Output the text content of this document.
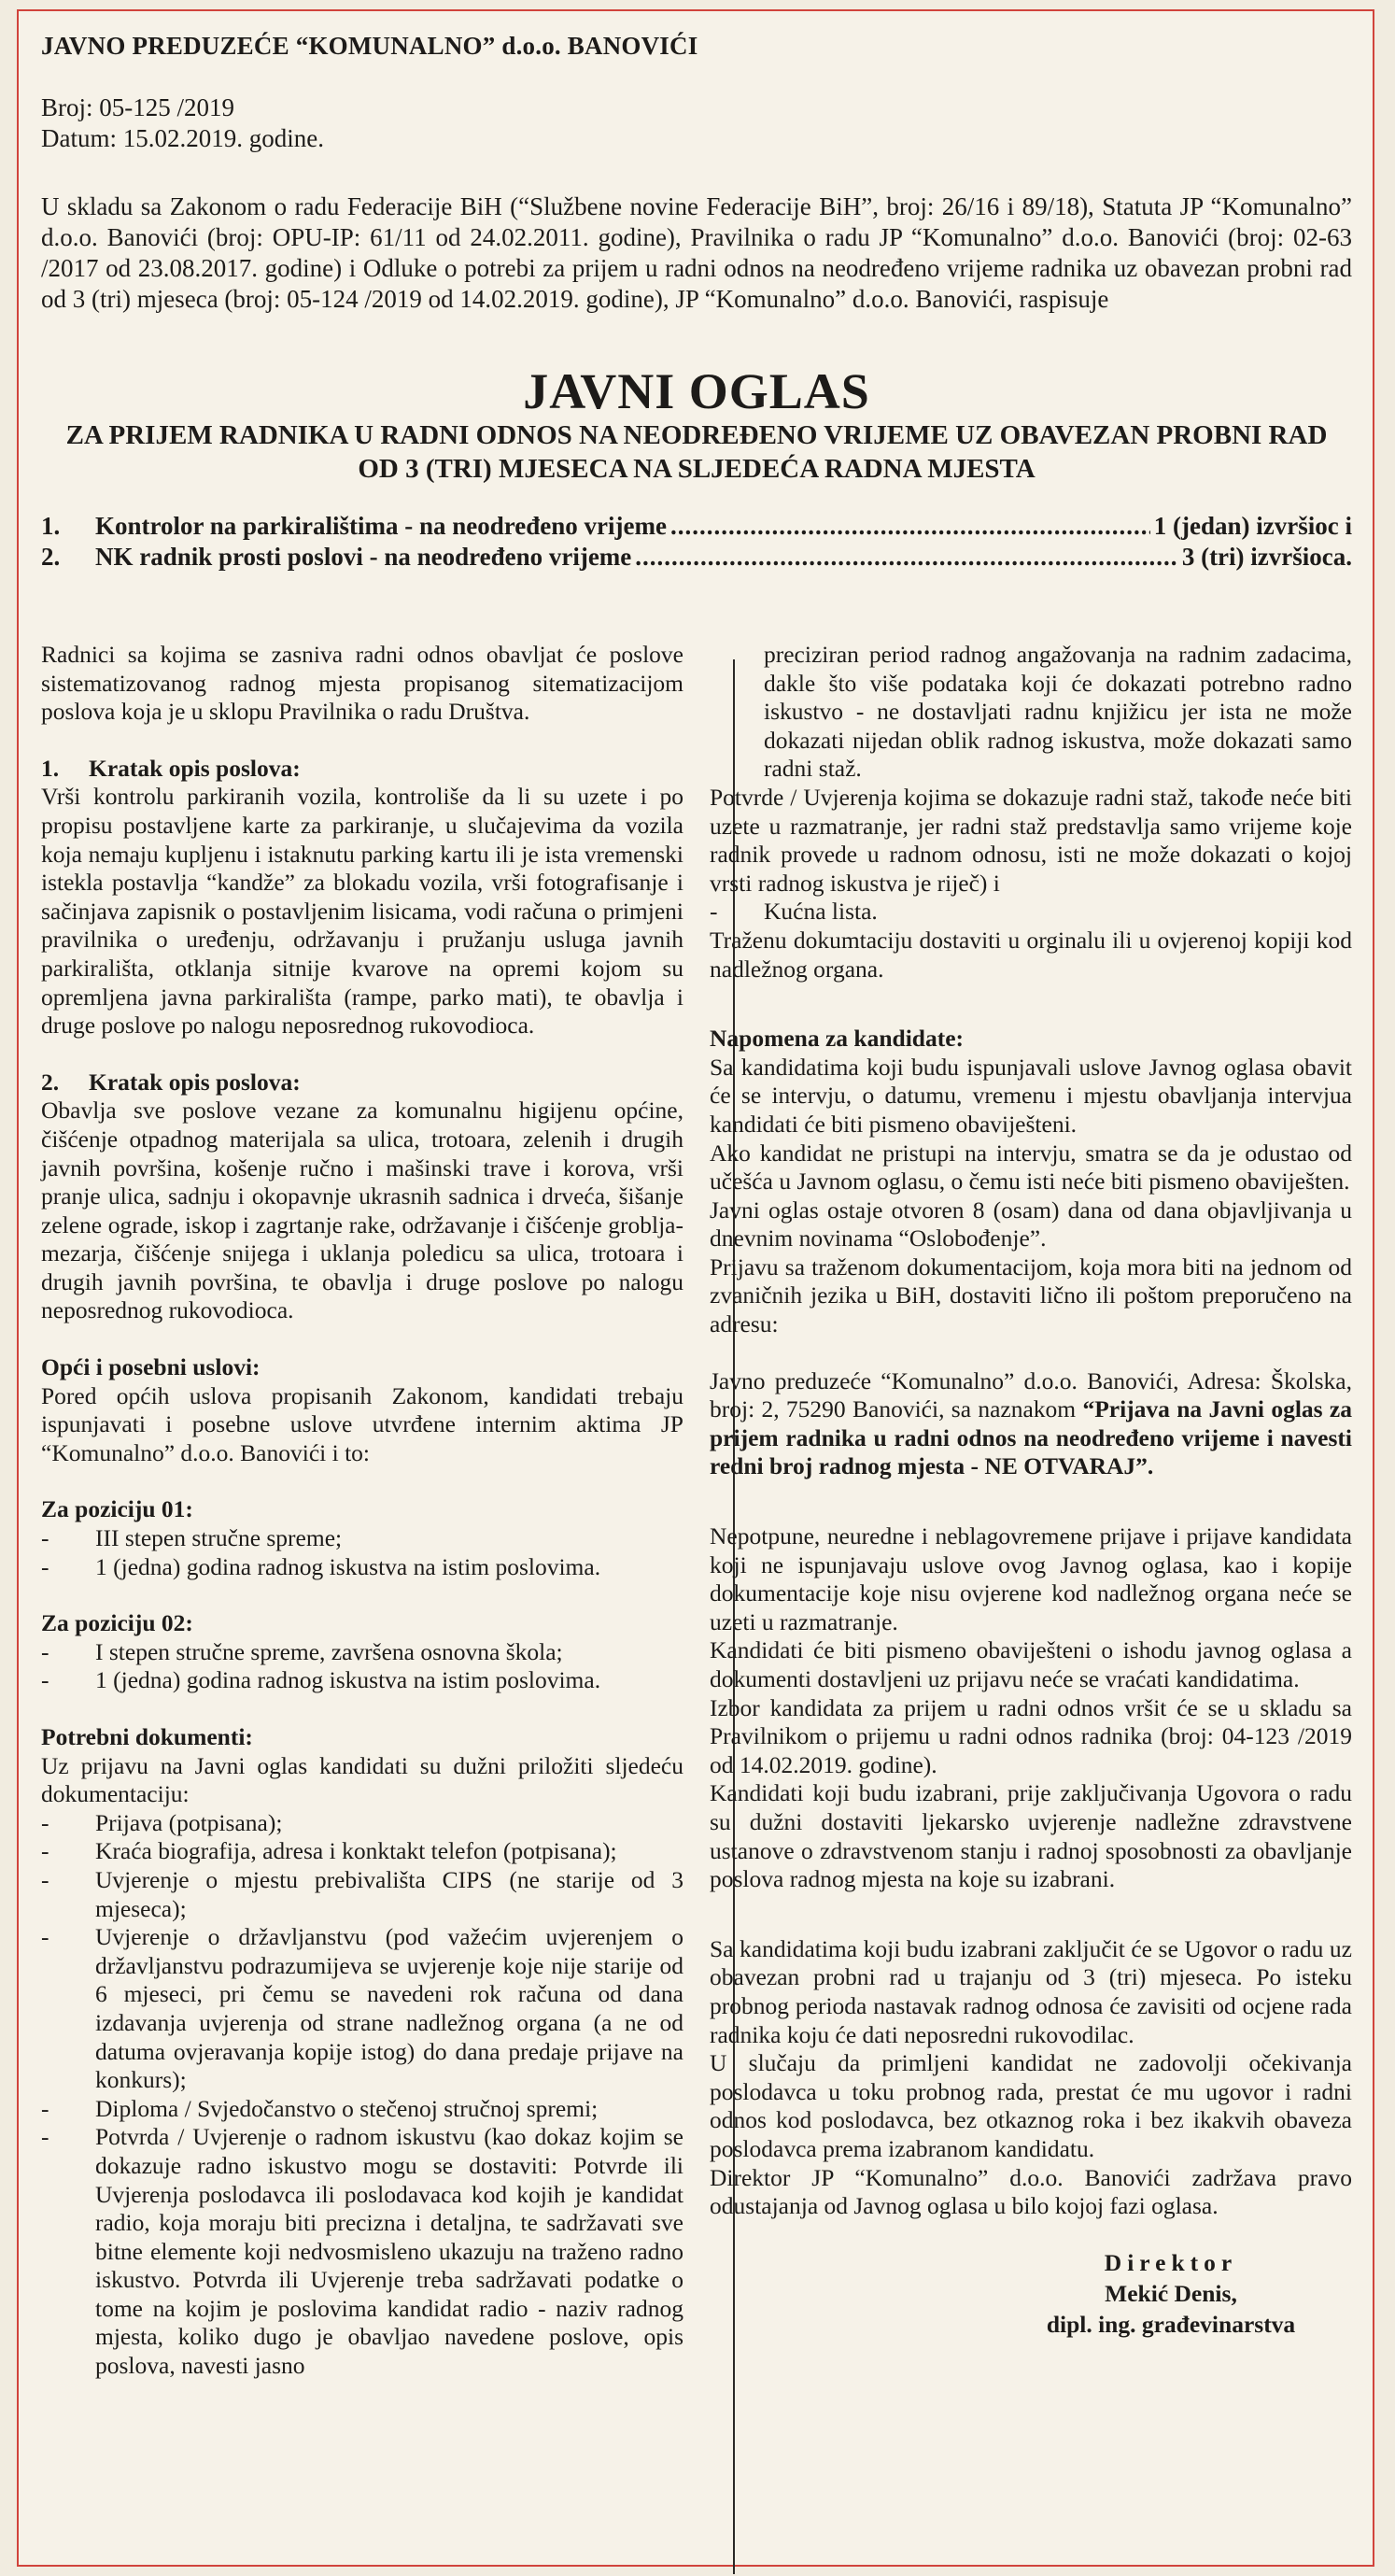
JAVNO PREDUZEĆE “KOMUNALNO” d.o.o. BANOVIĆI
Broj: 05-125 /2019
Datum: 15.02.2019. godine.
U skladu sa Zakonom o radu Federacije BiH (“Službene novine Federacije BiH”, broj: 26/16 i 89/18), Statuta JP “Komunalno” d.o.o. Banovići (broj: OPU-IP: 61/11 od 24.02.2011. godine), Pravilnika o radu JP “Komunalno” d.o.o. Banovići (broj: 02-63 /2017 od 23.08.2017. godine) i Odluke o potrebi za prijem u radni odnos na neodređeno vrijeme radnika uz obavezan probni rad od 3 (tri) mjeseca (broj: 05-124 /2019 od 14.02.2019. godine), JP “Komunalno” d.o.o. Banovići, raspisuje
JAVNI OGLAS
ZA PRIJEM RADNIKA U RADNI ODNOS NA NEODREĐENO VRIJEME UZ OBAVEZAN PROBNI RAD
OD 3 (TRI) MJESECA NA SLJEDEĆA RADNA MJESTA
1.	Kontrolor na parkiralištima - na neodređeno vrijeme .....	1 (jedan) izvršioc i
2.	NK radnik prosti poslovi - na neodređeno vrijeme .....	3 (tri) izvršioca.

Radnici sa kojima se zasniva radni odnos obavljat će poslove sistematizovanog radnog mjesta propisanog sitematizacijom poslova koja je u sklopu Pravilnika o radu Društva.

1.     Kratak opis poslova:

Vrši kontrolu parkiranih vozila, kontroliše da li su uzete i po propisu postavljene karte za parkiranje, u slučajevima da vozila koja nemaju kupljenu i istaknutu parking kartu ili je ista vremenski istekla postavlja “kandže” za blokadu vozila, vrši fotografisanje i sačinjava zapisnik o postavljenim lisicama, vodi računa o primjeni pravilnika o uređenju, održavanju i pružanju usluga javnih parkirališta, otklanja sitnije kvarove na opremi kojom su opremljena javna parkirališta (rampe, parko mati), te obavlja i druge poslove po nalogu neposrednog rukovodioca.

2.     Kratak opis poslova:

Obavlja sve poslove vezane za komunalnu higijenu općine, čišćenje otpadnog materijala sa ulica, trotoara, zelenih i drugih javnih površina, košenje ručno i mašinski trave i korova, vrši pranje ulica, sadnju i okopavnje ukrasnih sadnica i drveća, šišanje zelene ograde, iskop i zagrtanje rake, održavanje i čišćenje groblja-mezarja, čišćenje snijega i uklanja poledicu sa ulica, trotoara i drugih javnih površina, te obavlja i druge poslove po nalogu neposrednog rukovodioca.

Opći i posebni uslovi:

Pored općih uslova propisanih Zakonom, kandidati trebaju ispunjavati i posebne uslove utvrđene internim aktima JP “Komunalno” d.o.o. Banovići i to:

Za poziciju 01:

- III stepen stručne spreme;
- 1 (jedna) godina radnog iskustva na istim poslovima.

Za poziciju 02:

- I stepen stručne spreme, završena osnovna škola;
- 1 (jedna) godina radnog iskustva na istim poslovima.

Potrebni dokumenti:

Uz prijavu na Javni oglas kandidati su dužni priložiti sljedeću dokumentaciju:

- Prijava (potpisana);
- Kraća biografija, adresa i konktakt telefon (potpisana);
- Uvjerenje o mjestu prebivališta CIPS (ne starije od 3 mjeseca);
- Uvjerenje o državljanstvu (pod važećim uvjerenjem o državljanstvu podrazumijeva se uvjerenje koje nije starije od 6 mjeseci, pri čemu se navedeni rok računa od dana izdavanja uvjerenja od strane nadležnog organa (a ne od datuma ovjeravanja kopije istog) do dana predaje prijave na konkurs);
- Diploma / Svjedočanstvo o stečenoj stručnoj spremi;
- Potvrda / Uvjerenje o radnom iskustvu (kao dokaz kojim se dokazuje radno iskustvo mogu se dostaviti: Potvrde ili Uvjerenja poslodavca ili poslodavaca kod kojih je kandidat radio, koja moraju biti precizna i detaljna, te sadržavati sve bitne elemente koji nedvosmisleno ukazuju na traženo radno iskustvo. Potvrda ili Uvjerenje treba sadržavati podatke o tome na kojim je poslovima kandidat radio - naziv radnog mjesta, koliko dugo je obavljao navedene poslove, opis poslova, navesti jasno

preciziran period radnog angažovanja na radnim zadacima, dakle što više podataka koji će dokazati potrebno radno iskustvo - ne dostavljati radnu knjižicu jer ista ne može dokazati nijedan oblik radnog iskustva, može dokazati samo radni staž.

Potvrde / Uvjerenja kojima se dokazuje radni staž, takođe neće biti uzete u razmatranje, jer radni staž predstavlja samo vrijeme koje radnik provede u radnom odnosu, isti ne može dokazati o kojoj vrsti radnog iskustva je riječ) i

- Kućna lista.

Traženu dokumtaciju dostaviti u orginalu ili u ovjerenoj kopiji kod nadležnog organa.

Napomena za kandidate:

Sa kandidatima koji budu ispunjavali uslove Javnog oglasa obavit će se intervju, o datumu, vremenu i mjestu obavljanja intervjua kandidati će biti pismeno obaviješteni.

Ako kandidat ne pristupi na intervju, smatra se da je odustao od učešća u Javnom oglasu, o čemu isti neće biti pismeno obaviješten.

Javni oglas ostaje otvoren 8 (osam) dana od dana objavljivanja u dnevnim novinama “Oslobođenje”.

Prijavu sa traženom dokumentacijom, koja mora biti na jednom od zvaničnih jezika u BiH, dostaviti lično ili poštom preporučeno na adresu:

Javno preduzeće “Komunalno” d.o.o. Banovići, Adresa: Školska, broj: 2, 75290 Banovići, sa naznakom “Prijava na Javni oglas za prijem radnika u radni odnos na neodređeno vrijeme i navesti redni broj radnog mjesta - NE OTVARAJ”.

Nepotpune, neuredne i neblagovremene prijave i prijave kandidata koji ne ispunjavaju uslove ovog Javnog oglasa, kao i kopije dokumentacije koje nisu ovjerene kod nadležnog organa neće se uzeti u razmatranje.

Kandidati će biti pismeno obaviješteni o ishodu javnog oglasa a dokumenti dostavljeni uz prijavu neće se vraćati kandidatima.

Izbor kandidata za prijem u radni odnos vršit će se u skladu sa Pravilnikom o prijemu u radni odnos radnika (broj: 04-123 /2019 od 14.02.2019. godine).

Kandidati koji budu izabrani, prije zaključivanja Ugovora o radu su dužni dostaviti ljekarsko uvjerenje nadležne zdravstvene ustanove o zdravstvenom stanju i radnoj sposobnosti za obavljanje poslova radnog mjesta na koje su izabrani.

Sa kandidatima koji budu izabrani zaključit će se Ugovor o radu uz obavezan probni rad u trajanju od 3 (tri) mjeseca. Po isteku probnog perioda nastavak radnog odnosa će zavisiti od ocjene rada radnika koju će dati neposredni rukovodilac.

U slučaju da primljeni kandidat ne zadovolji očekivanja poslodavca u toku probnog rada, prestat će mu ugovor i radni odnos kod poslodavca, bez otkaznog roka i bez ikakvih obaveza poslodavca prema izabranom kandidatu.

Direktor JP “Komunalno” d.o.o. Banovići zadržava pravo odustajanja od Javnog oglasa u bilo kojoj fazi oglasa.

Direktor
Mekić Denis,
dipl. ing. građevinarstva
